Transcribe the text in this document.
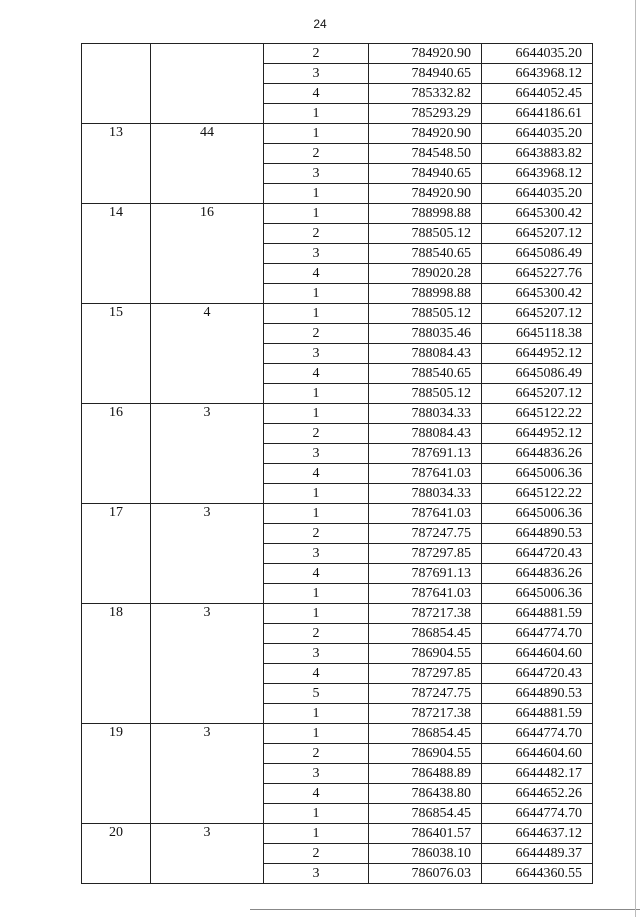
24
		2	784920.90	6644035.20
		3	784940.65	6643968.12
		4	785332.82	6644052.45
		1	785293.29	6644186.61
13	44	1	784920.90	6644035.20
		2	784548.50	6643883.82
		3	784940.65	6643968.12
		1	784920.90	6644035.20
14	16	1	788998.88	6645300.42
		2	788505.12	6645207.12
		3	788540.65	6645086.49
		4	789020.28	6645227.76
		1	788998.88	6645300.42
15	4	1	788505.12	6645207.12
		2	788035.46	6645118.38
		3	788084.43	6644952.12
		4	788540.65	6645086.49
		1	788505.12	6645207.12
16	3	1	788034.33	6645122.22
		2	788084.43	6644952.12
		3	787691.13	6644836.26
		4	787641.03	6645006.36
		1	788034.33	6645122.22
17	3	1	787641.03	6645006.36
		2	787247.75	6644890.53
		3	787297.85	6644720.43
		4	787691.13	6644836.26
		1	787641.03	6645006.36
18	3	1	787217.38	6644881.59
		2	786854.45	6644774.70
		3	786904.55	6644604.60
		4	787297.85	6644720.43
		5	787247.75	6644890.53
		1	787217.38	6644881.59
19	3	1	786854.45	6644774.70
		2	786904.55	6644604.60
		3	786488.89	6644482.17
		4	786438.80	6644652.26
		1	786854.45	6644774.70
20	3	1	786401.57	6644637.12
		2	786038.10	6644489.37
		3	786076.03	6644360.55
